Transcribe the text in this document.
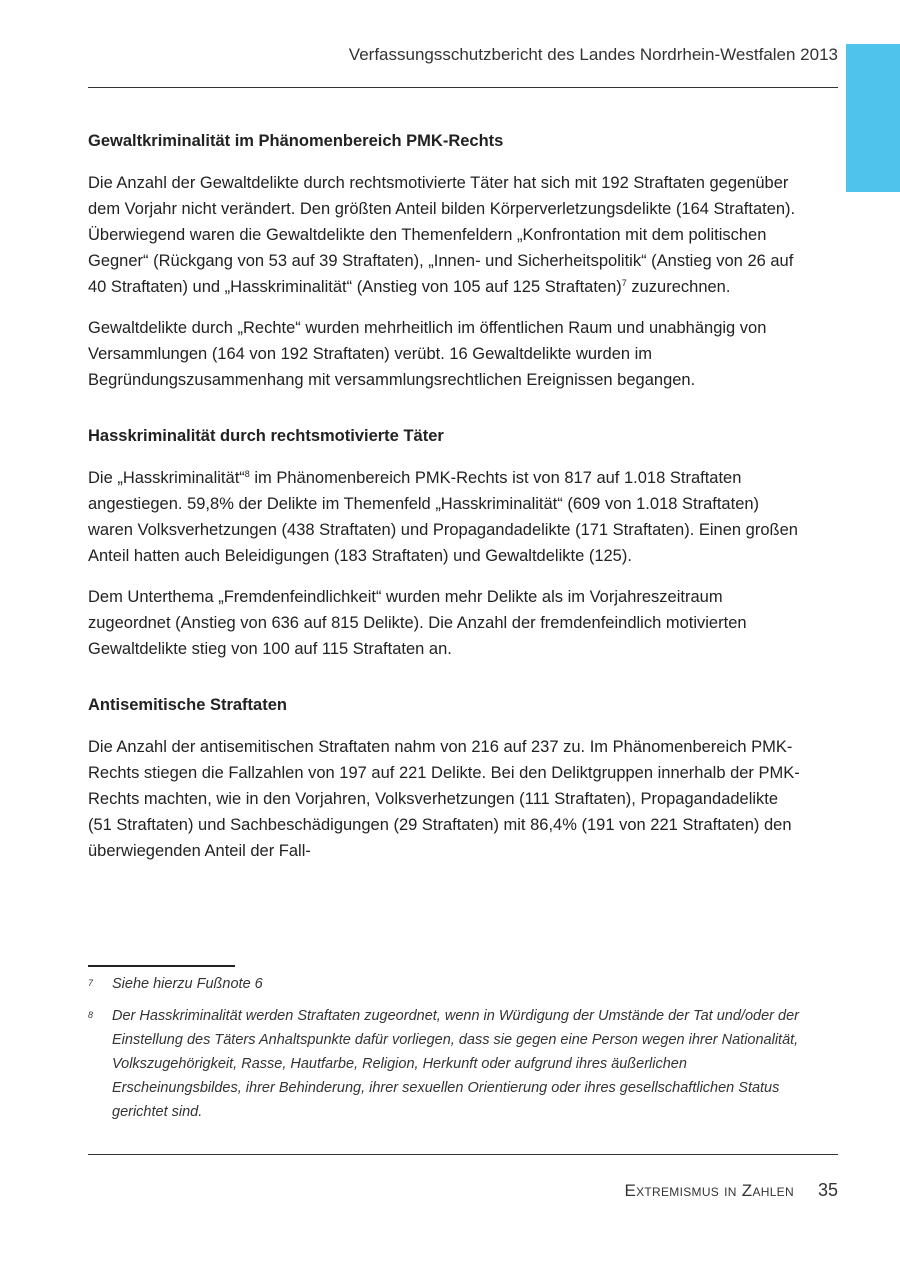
Verfassungsschutzbericht des Landes Nordrhein-Westfalen 2013
Gewaltkriminalität im Phänomenbereich PMK-Rechts

Die Anzahl der Gewaltdelikte durch rechtsmotivierte Täter hat sich mit 192 Straftaten gegenüber dem Vorjahr nicht verändert. Den größten Anteil bilden Körperverletzungsdelikte (164 Straftaten). Überwiegend waren die Gewaltdelikte den Themenfeldern „Konfrontation mit dem politischen Gegner“ (Rückgang von 53 auf 39 Straftaten), „Innen- und Sicherheitspolitik“ (Anstieg von 26 auf 40 Straftaten) und „Hasskriminalität“ (Anstieg von 105 auf 125 Straftaten)$^7$ zuzurechnen.

Gewaltdelikte durch „Rechte“ wurden mehrheitlich im öffentlichen Raum und unabhängig von Versammlungen (164 von 192 Straftaten) verübt. 16 Gewaltdelikte wurden im Begründungszusammenhang mit versammlungsrechtlichen Ereignissen begangen.

Hasskriminalität durch rechtsmotivierte Täter

Die „Hasskriminalität“$^8$ im Phänomenbereich PMK-Rechts ist von 817 auf 1.018 Straftaten angestiegen. 59,8% der Delikte im Themenfeld „Hasskriminalität“ (609 von 1.018 Straftaten) waren Volksverhetzungen (438 Straftaten) und Propagandadelikte (171 Straftaten). Einen großen Anteil hatten auch Beleidigungen (183 Straftaten) und Gewaltdelikte (125).

Dem Unterthema „Fremdenfeindlichkeit“ wurden mehr Delikte als im Vorjahreszeitraum zugeordnet (Anstieg von 636 auf 815 Delikte). Die Anzahl der fremdenfeindlich motivierten Gewaltdelikte stieg von 100 auf 115 Straftaten an.

Antisemitische Straftaten

Die Anzahl der antisemitischen Straftaten nahm von 216 auf 237 zu. Im Phänomenbereich PMK-Rechts stiegen die Fallzahlen von 197 auf 221 Delikte. Bei den Deliktgruppen innerhalb der PMK-Rechts machten, wie in den Vorjahren, Volksverhetzungen (111 Straftaten), Propagandadelikte (51 Straftaten) und Sachbeschädigungen (29 Straftaten) mit 86,4% (191 von 221 Straftaten) den überwiegenden Anteil der Fall-

7	Siehe hierzu Fußnote 6
8	Der Hasskriminalität werden Straftaten zugeordnet, wenn in Würdigung der Umstände der Tat und/oder der Einstellung des Täters Anhaltspunkte dafür vorliegen, dass sie gegen eine Person wegen ihrer Nationalität, Volkszugehörigkeit, Rasse, Hautfarbe, Religion, Herkunft oder aufgrund ihres äußerlichen Erscheinungsbildes, ihrer Behinderung, ihrer sexuellen Orientierung oder ihres gesellschaftlichen Status gerichtet sind.
Extremismus in Zahlen 35
